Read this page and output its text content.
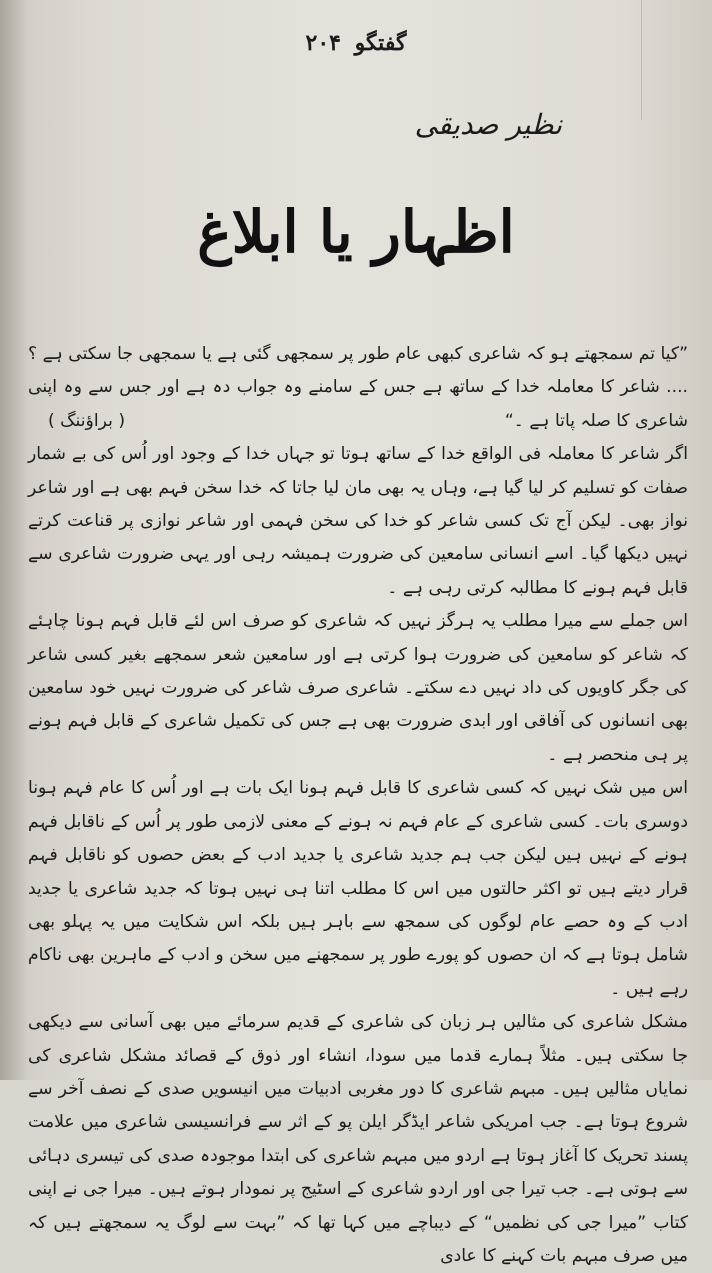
گفتگو ۲۰۴
نظیر صدیقی
اظہار یا ابلاغ

”کیا تم سمجھتے ہو کہ شاعری کبھی عام طور پر سمجھی گئی ہے یا سمجھی جا سکتی ہے ؟ .... شاعر کا معاملہ خدا کے ساتھ ہے جس کے سامنے وہ جواب دہ ہے اور جس سے وہ اپنی شاعری کا صلہ پاتا ہے ۔“

( براؤننگ )

اگر شاعر کا معاملہ فی الواقع خدا کے ساتھ ہوتا تو جہاں خدا کے وجود اور اُس کی بے شمار صفات کو تسلیم کر لیا گیا ہے، وہاں یہ بھی مان لیا جاتا کہ خدا سخن فہم بھی ہے اور شاعر نواز بھی۔ لیکن آج تک کسی شاعر کو خدا کی سخن فہمی اور شاعر نوازی پر قناعت کرتے نہیں دیکھا گیا۔ اسے انسانی سامعین کی ضرورت ہمیشہ رہی اور یہی ضرورت شاعری سے قابل فہم ہونے کا مطالبہ کرتی رہی ہے ۔

اس جملے سے میرا مطلب یہ ہرگز نہیں کہ شاعری کو صرف اس لئے قابل فہم ہونا چاہئے کہ شاعر کو سامعین کی ضرورت ہوا کرتی ہے اور سامعین شعر سمجھے بغیر کسی شاعر کی جگر کاویوں کی داد نہیں دے سکتے۔ شاعری صرف شاعر کی ضرورت نہیں خود سامعین بھی انسانوں کی آفاقی اور ابدی ضرورت بھی ہے جس کی تکمیل شاعری کے قابل فہم ہونے پر ہی منحصر ہے ۔

اس میں شک نہیں کہ کسی شاعری کا قابل فہم ہونا ایک بات ہے اور اُس کا عام فہم ہونا دوسری بات۔ کسی شاعری کے عام فہم نہ ہونے کے معنی لازمی طور پر اُس کے ناقابل فہم ہونے کے نہیں ہیں لیکن جب ہم جدید شاعری یا جدید ادب کے بعض حصوں کو ناقابل فہم قرار دیتے ہیں تو اکثر حالتوں میں اس کا مطلب اتنا ہی نہیں ہوتا کہ جدید شاعری یا جدید ادب کے وہ حصے عام لوگوں کی سمجھ سے باہر ہیں بلکہ اس شکایت میں یہ پہلو بھی شامل ہوتا ہے کہ ان حصوں کو پورے طور پر سمجھنے میں سخن و ادب کے ماہرین بھی ناکام رہے ہیں ۔

مشکل شاعری کی مثالیں ہر زبان کی شاعری کے قدیم سرمائے میں بھی آسانی سے دیکھی جا سکتی ہیں۔ مثلاً ہمارے قدما میں سودا، انشاء اور ذوق کے قصائد مشکل شاعری کی نمایاں مثالیں ہیں۔ مبہم شاعری کا دور مغربی ادبیات میں انیسویں صدی کے نصف آخر سے شروع ہوتا ہے۔ جب امریکی شاعر ایڈگر ایلن پو کے اثر سے فرانسیسی شاعری میں علامت پسند تحریک کا آغاز ہوتا ہے اردو میں مبہم شاعری کی ابتدا موجودہ صدی کی تیسری دہائی سے ہوتی ہے۔ جب تیرا جی اور اردو شاعری کے اسٹیج پر نمودار ہوتے ہیں۔ میرا جی نے اپنی کتاب ”میرا جی کی نظمیں“ کے دیباچے میں کہا تھا کہ ”بہت سے لوگ یہ سمجھتے ہیں کہ میں صرف مبہم بات کہنے کا عادی
